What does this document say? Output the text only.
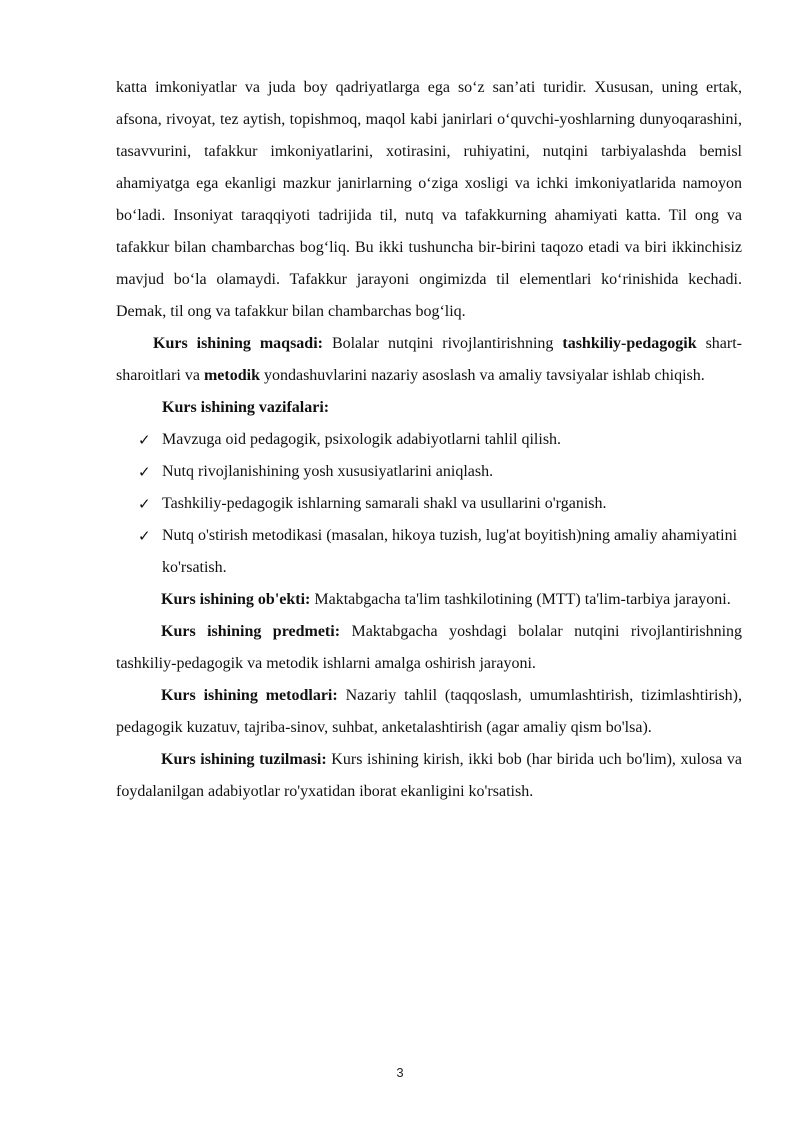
katta imkoniyatlar va juda boy qadriyatlarga ega so‘z san’ati turidir. Xususan, uning ertak, afsona, rivoyat, tez aytish, topishmoq, maqol kabi janirlari o‘quvchi-yoshlarning dunyoqarashini, tasavvurini, tafakkur imkoniyatlarini, xotirasini, ruhiyatini, nutqini tarbiyalashda bemisl ahamiyatga ega ekanligi mazkur janirlarning o‘ziga xosligi va ichki imkoniyatlarida namoyon bo‘ladi. Insoniyat taraqqiyoti tadrijida til, nutq va tafakkurning ahamiyati katta. Til ong va tafakkur bilan chambarchas bog‘liq. Bu ikki tushuncha bir-birini taqozo etadi va biri ikkinchisiz mavjud bo‘la olamaydi. Tafakkur jarayoni ongimizda til elementlari ko‘rinishida kechadi. Demak, til ong va tafakkur bilan chambarchas bog‘liq.

Kurs ishining maqsadi: Bolalar nutqini rivojlantirishning tashkiliy-pedagogik shart-sharoitlari va metodik yondashuvlarini nazariy asoslash va amaliy tavsiyalar ishlab chiqish.

Kurs ishining vazifalari:

✓ Mavzuga oid pedagogik, psixologik adabiyotlarni tahlil qilish.
✓ Nutq rivojlanishining yosh xususiyatlarini aniqlash.
✓ Tashkiliy-pedagogik ishlarning samarali shakl va usullarini o'rganish.
✓ Nutq o'stirish metodikasi (masalan, hikoya tuzish, lug'at boyitish)ning amaliy ahamiyatini ko'rsatish.

Kurs ishining ob'ekti: Maktabgacha ta'lim tashkilotining (MTT) ta'lim-tarbiya jarayoni.

Kurs ishining predmeti: Maktabgacha yoshdagi bolalar nutqini rivojlantirishning tashkiliy-pedagogik va metodik ishlarni amalga oshirish jarayoni.

Kurs ishining metodlari: Nazariy tahlil (taqqoslash, umumlashtirish, tizimlashtirish), pedagogik kuzatuv, tajriba-sinov, suhbat, anketalashtirish (agar amaliy qism bo'lsa).

Kurs ishining tuzilmasi: Kurs ishining kirish, ikki bob (har birida uch bo'lim), xulosa va foydalanilgan adabiyotlar ro'yxatidan iborat ekanligini ko'rsatish.

3
